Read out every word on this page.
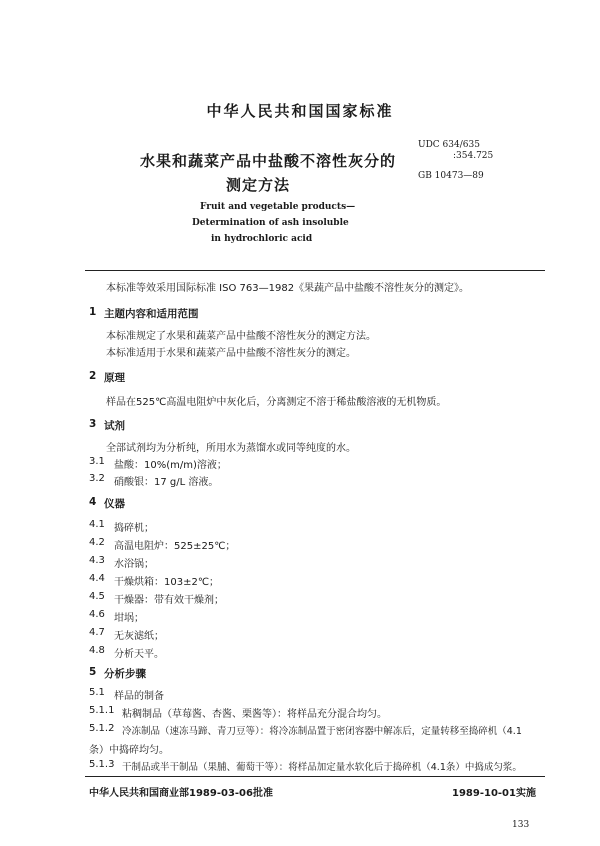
中华人民共和国国家标准
水果和蔬菜产品中盐酸不溶性灰分的
测定方法
UDC 634/635
:354.725
GB 10473—89
Fruit and vegetable products—
Determination of ash insoluble
in hydrochloric acid
本标准等效采用国际标准 ISO 763—1982《果蔬产品中盐酸不溶性灰分的测定》。
1 主题内容和适用范围
本标准规定了水果和蔬菜产品中盐酸不溶性灰分的测定方法。
本标准适用于水果和蔬菜产品中盐酸不溶性灰分的测定。
2 原理
样品在525℃高温电阻炉中灰化后，分离测定不溶于稀盐酸溶液的无机物质。
3 试剂
全部试剂均为分析纯，所用水为蒸馏水或同等纯度的水。
3.1 盐酸：10%(m/m)溶液；
3.2 硝酸银：17 g/L 溶液。
4 仪器
4.1 捣碎机；
4.2 高温电阻炉：525±25℃；
4.3 水浴锅；
4.4 干燥烘箱：103±2℃；
4.5 干燥器：带有效干燥剂；
4.6 坩埚；
4.7 无灰滤纸；
4.8 分析天平。
5 分析步骤
5.1 样品的制备
5.1.1 粘稠制品（草莓酱、杏酱、栗酱等）：将样品充分混合均匀。
5.1.2 冷冻制品（速冻马蹄、青刀豆等）：将冷冻制品置于密闭容器中解冻后，定量转移至捣碎机（4.1
条）中捣碎均匀。
5.1.3 干制品或半干制品（果脯、葡萄干等）：将样品加定量水软化后于捣碎机（4.1条）中捣成匀浆。
中华人民共和国商业部1989-03-06批准	1989-10-01实施
133
